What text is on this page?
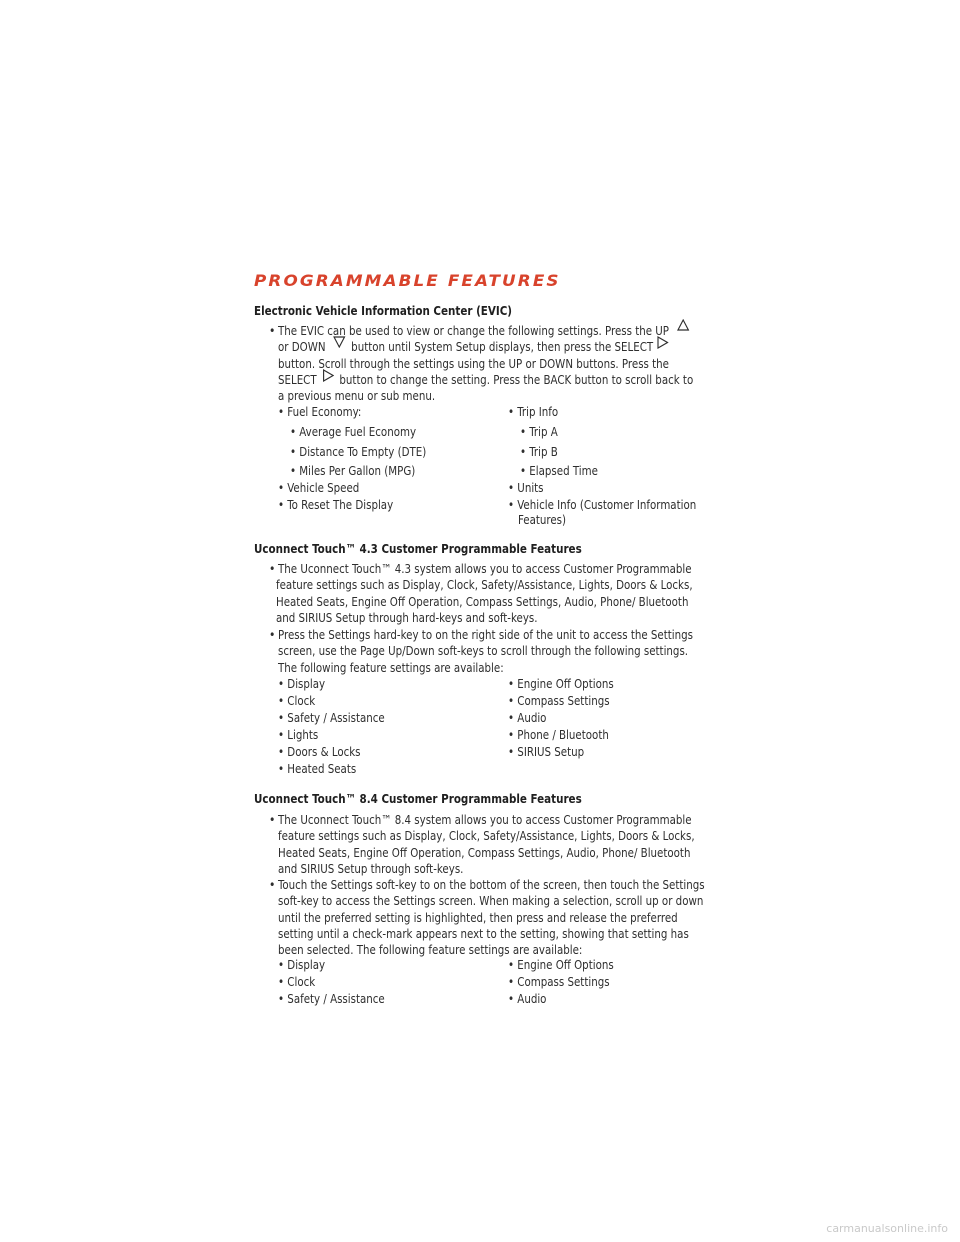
PROGRAMMABLE FEATURES
Electronic Vehicle Information Center (EVIC)
• The EVIC can be used to view or change the following settings. Press the UP
or DOWN button until System Setup displays, then press the SELECT
button. Scroll through the settings using the UP or DOWN buttons. Press the
SELECT button to change the setting. Press the BACK button to scroll back to
a previous menu or sub menu.
• Fuel Economy:
• Average Fuel Economy
• Distance To Empty (DTE)
• Miles Per Gallon (MPG)
• Vehicle Speed
• To Reset The Display
• Trip Info
• Trip A
• Trip B
• Elapsed Time
• Units
• Vehicle Info (Customer Information
Features)
Uconnect Touch™ 4.3 Customer Programmable Features
• The Uconnect Touch™ 4.3 system allows you to access Customer Programmable
feature settings such as Display, Clock, Safety/Assistance, Lights, Doors & Locks,
Heated Seats, Engine Off Operation, Compass Settings, Audio, Phone/ Bluetooth
and SIRIUS Setup through hard-keys and soft-keys.
• Press the Settings hard-key to on the right side of the unit to access the Settings
screen, use the Page Up/Down soft-keys to scroll through the following settings.
The following feature settings are available:
• Display
• Clock
• Safety / Assistance
• Lights
• Doors & Locks
• Heated Seats
• Engine Off Options
• Compass Settings
• Audio
• Phone / Bluetooth
• SIRIUS Setup
Uconnect Touch™ 8.4 Customer Programmable Features
• The Uconnect Touch™ 8.4 system allows you to access Customer Programmable
feature settings such as Display, Clock, Safety/Assistance, Lights, Doors & Locks,
Heated Seats, Engine Off Operation, Compass Settings, Audio, Phone/ Bluetooth
and SIRIUS Setup through soft-keys.
• Touch the Settings soft-key to on the bottom of the screen, then touch the Settings
soft-key to access the Settings screen. When making a selection, scroll up or down
until the preferred setting is highlighted, then press and release the preferred
setting until a check-mark appears next to the setting, showing that setting has
been selected. The following feature settings are available:
• Display
• Clock
• Safety / Assistance
• Engine Off Options
• Compass Settings
• Audio
carmanualsonline.info
